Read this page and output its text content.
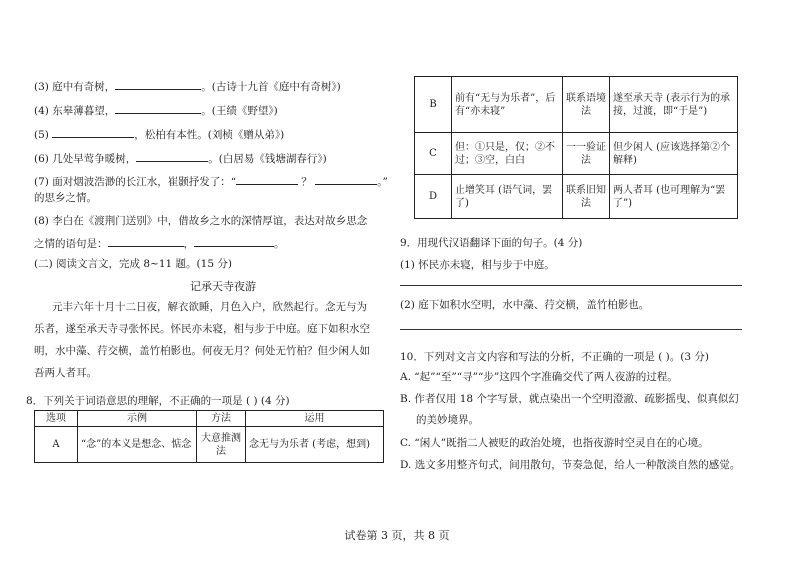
(3) 庭中有奇树，	。(古诗十九首《庭中有奇树》)
(4) 东皋薄暮望，	。(王绩《野望》)
(5)	，松柏有本性。(刘桢《赠从弟》)
(6) 几处早莺争暖树，	。(白居易《钱塘湖春行》)
(7) 面对烟波浩渺的长江水，崔颢抒发了：“	？	。”
的思乡之情。
(8) 李白在《渡荆门送别》中，借故乡之水的深情厚谊，表达对故乡思念
之情的语句是：	，	。
(二) 阅读文言文，完成 8~11 题。(15 分)
记承天寺夜游
元丰六年十月十二日夜，解衣欲睡，月色入户，欣然起行。念无与为
乐者，遂至承天寺寻张怀民。怀民亦未寝，相与步于中庭。庭下如积水空
明，水中藻、荇交横，盖竹柏影也。何夜无月？何处无竹柏？但少闲人如
吾两人者耳。
8．下列关于词语意思的理解，不正确的一项是 ( ) (4 分)
选项	示例	方法	运用
A	“念”的本义是想念、惦念	大意推测法	念无与为乐者 (考虑，想到)
B	前有“无与为乐者”，后有“亦未寝”	联系语境法	遂至承天寺 (表示行为的承接，过渡，即“于是”)
C	但：①只是，仅；②不过；③空，白白	一一验证法	但少闲人 (应该选择第②个解释)
D	止增笑耳 (语气词，罢了)	联系旧知法	两人者耳 (也可理解为“罢了”)
9．用现代汉语翻译下面的句子。(4 分)
(1) 怀民亦未寝，相与步于中庭。
(2) 庭下如积水空明，水中藻、荇交横，盖竹柏影也。
10．下列对文言文内容和写法的分析，不正确的一项是 ( )。(3 分)
A. “起”“至”“寻”“步”这四个字准确交代了两人夜游的过程。
B. 作者仅用 18 个字写景，就点染出一个空明澄澈、疏影摇曳、似真似幻
的美妙境界。
C. “闲人”既指二人被贬的政治处境，也指夜游时空灵自在的心境。
D. 选文多用整齐句式，间用散句，节奏急促，给人一种散淡自然的感觉。
试卷第 3 页，共 8 页
